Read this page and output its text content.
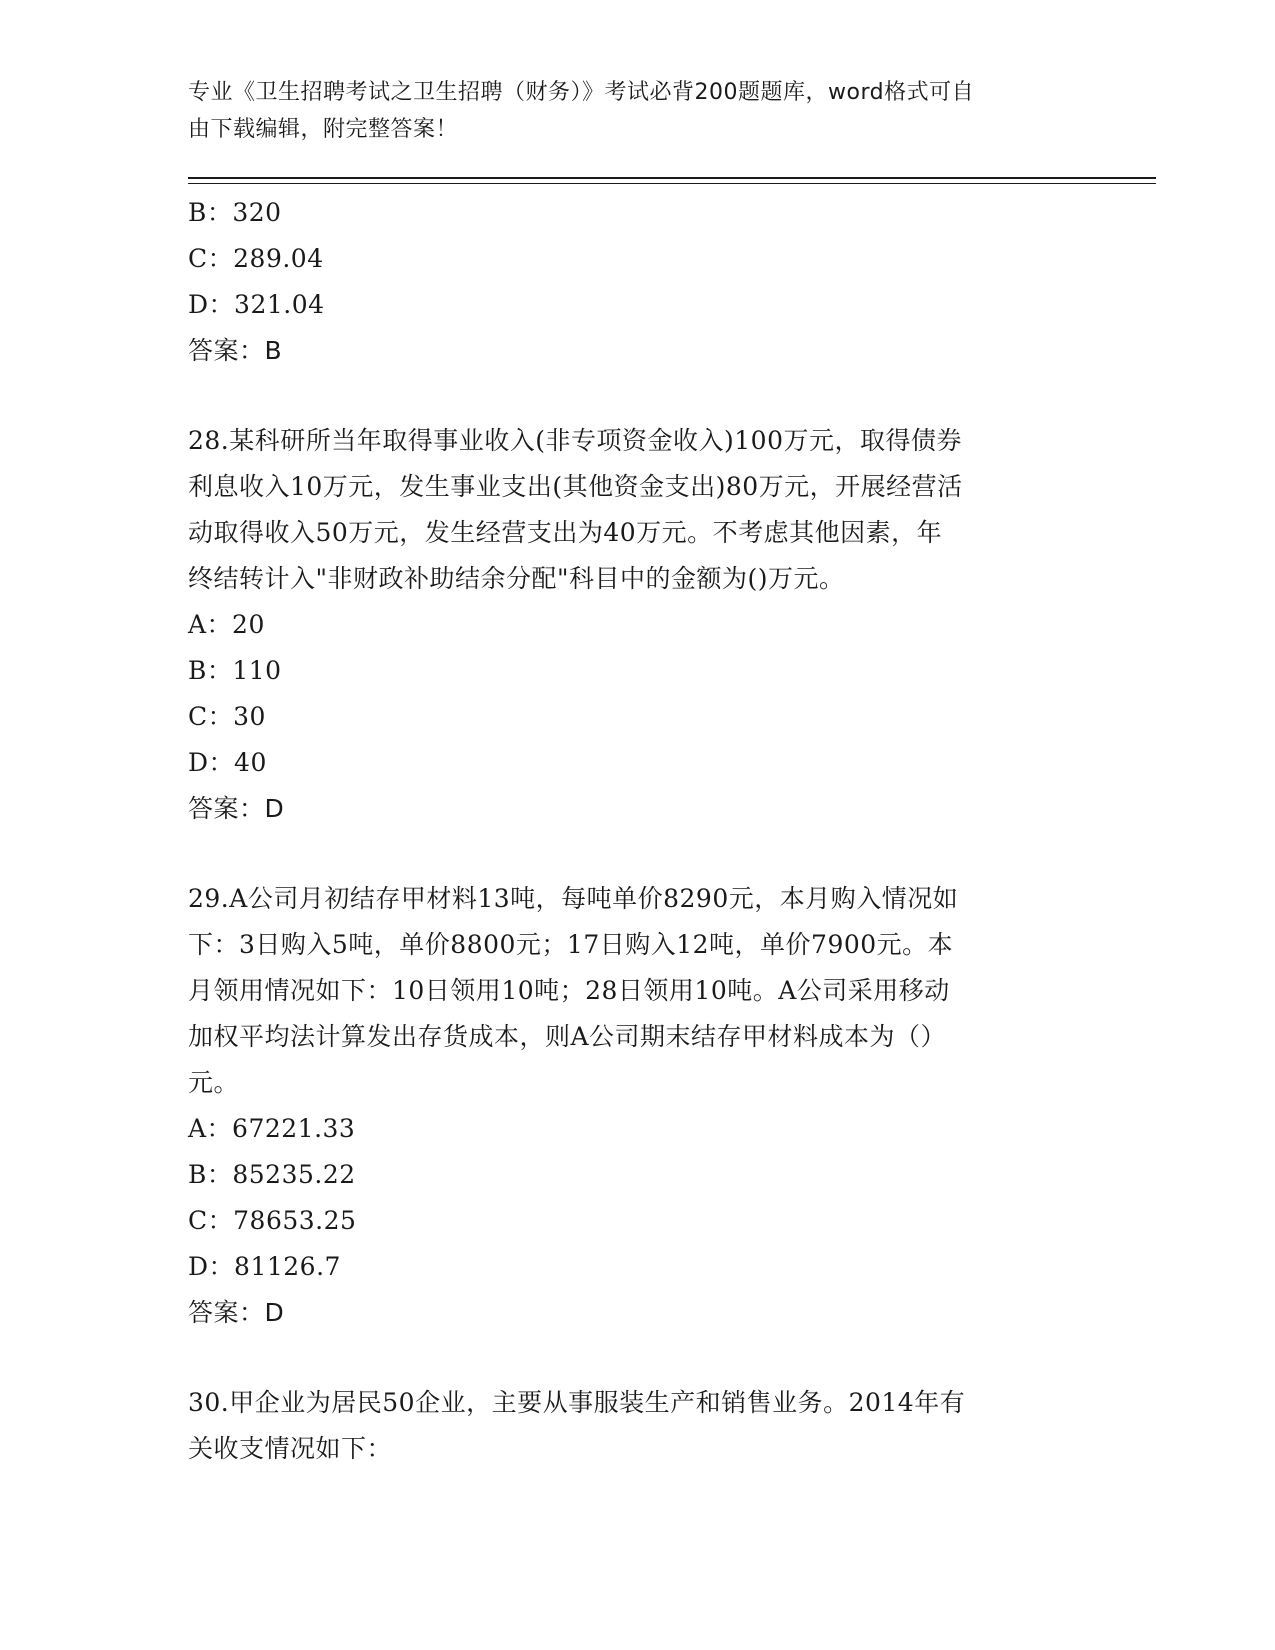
专业《卫生招聘考试之卫生招聘（财务）》考试必背200题题库，word格式可自
由下载编辑，附完整答案！
B：320
C：289.04
D：321.04
答案：B
28.某科研所当年取得事业收入(非专项资金收入)100万元，取得债券
利息收入10万元，发生事业支出(其他资金支出)80万元，开展经营活
动取得收入50万元，发生经营支出为40万元。不考虑其他因素，年
终结转计入"非财政补助结余分配"科目中的金额为()万元。
A：20
B：110
C：30
D：40
答案：D
29.A公司月初结存甲材料13吨，每吨单价8290元，本月购入情况如
下：3日购入5吨，单价8800元；17日购入12吨，单价7900元。本
月领用情况如下：10日领用10吨；28日领用10吨。A公司采用移动
加权平均法计算发出存货成本，则A公司期末结存甲材料成本为（）
元。
A：67221.33
B：85235.22
C：78653.25
D：81126.7
答案：D
30.甲企业为居民50企业，主要从事服装生产和销售业务。2014年有
关收支情况如下：
